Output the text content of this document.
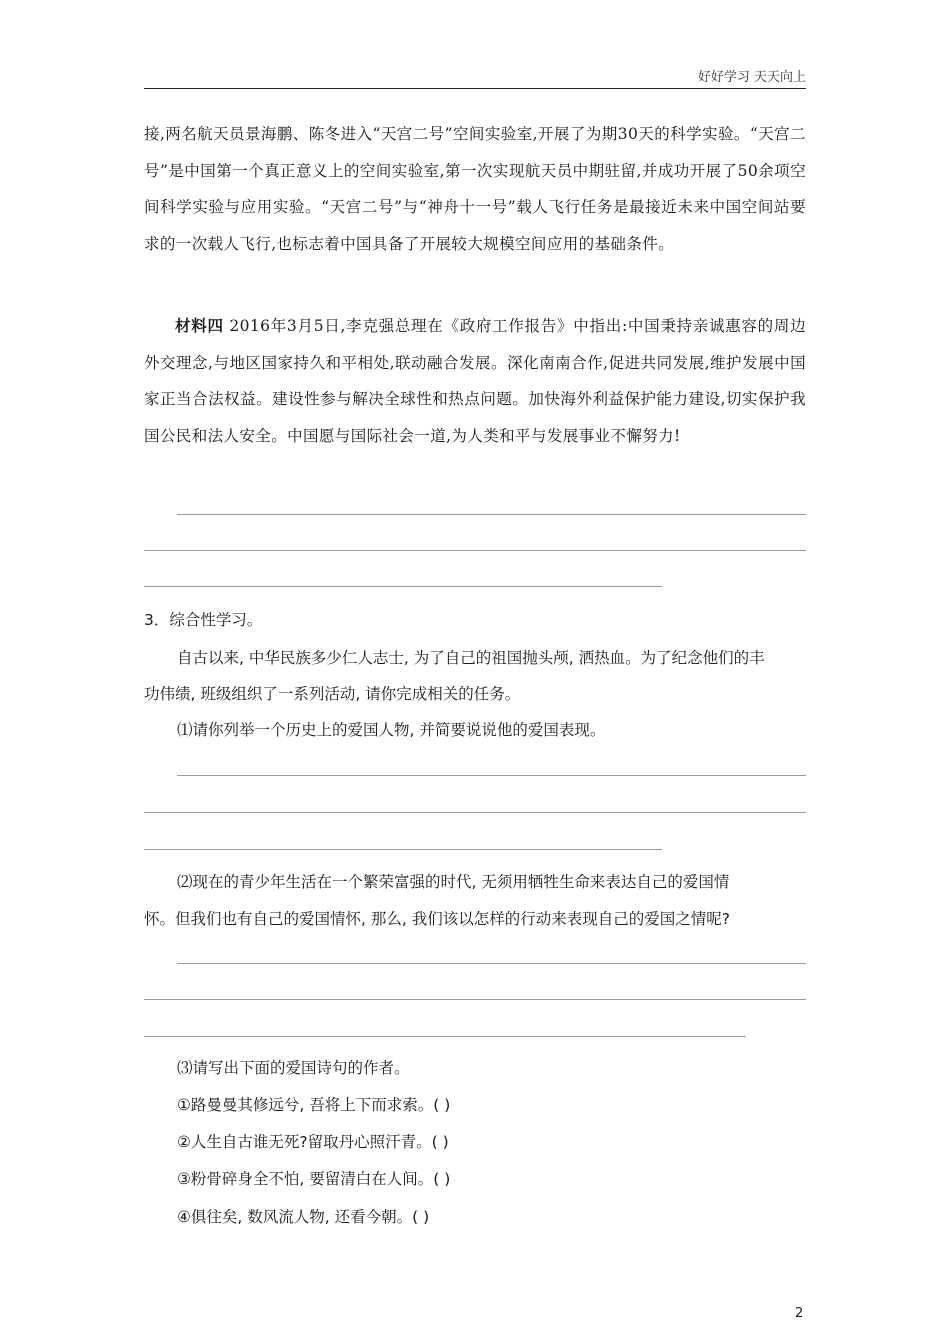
好好学习 天天向上

接,两名航天员景海鹏、陈冬进入“天宫二号”空间实验室,开展了为期30天的科学实验。“天宫二号”是中国第一个真正意义上的空间实验室,第一次实现航天员中期驻留,并成功开展了50余项空间科学实验与应用实验。“天宫二号”与“神舟十一号”载人飞行任务是最接近未来中国空间站要求的一次载人飞行,也标志着中国具备了开展较大规模空间应用的基础条件。

材料四 2016年3月5日,李克强总理在《政府工作报告》中指出:中国秉持亲诚惠容的周边外交理念,与地区国家持久和平相处,联动融合发展。深化南南合作,促进共同发展,维护发展中国家正当合法权益。建设性参与解决全球性和热点问题。加快海外利益保护能力建设,切实保护我国公民和法人安全。中国愿与国际社会一道,为人类和平与发展事业不懈努力!

3．综合性学习。

自古以来, 中华民族多少仁人志士, 为了自己的祖国抛头颅, 洒热血。为了纪念他们的丰

功伟绩, 班级组织了一系列活动, 请你完成相关的任务。

⑴请你列举一个历史上的爱国人物, 并简要说说他的爱国表现。

⑵现在的青少年生活在一个繁荣富强的时代, 无须用牺牲生命来表达自己的爱国情

怀。但我们也有自己的爱国情怀, 那么, 我们该以怎样的行动来表现自己的爱国之情呢?

⑶请写出下面的爱国诗句的作者。

①路曼曼其修远兮, 吾将上下而求索。( )

②人生自古谁无死?留取丹心照汗青。( )

③粉骨碎身全不怕, 要留清白在人间。( )

④俱往矣, 数风流人物, 还看今朝。( )

2
